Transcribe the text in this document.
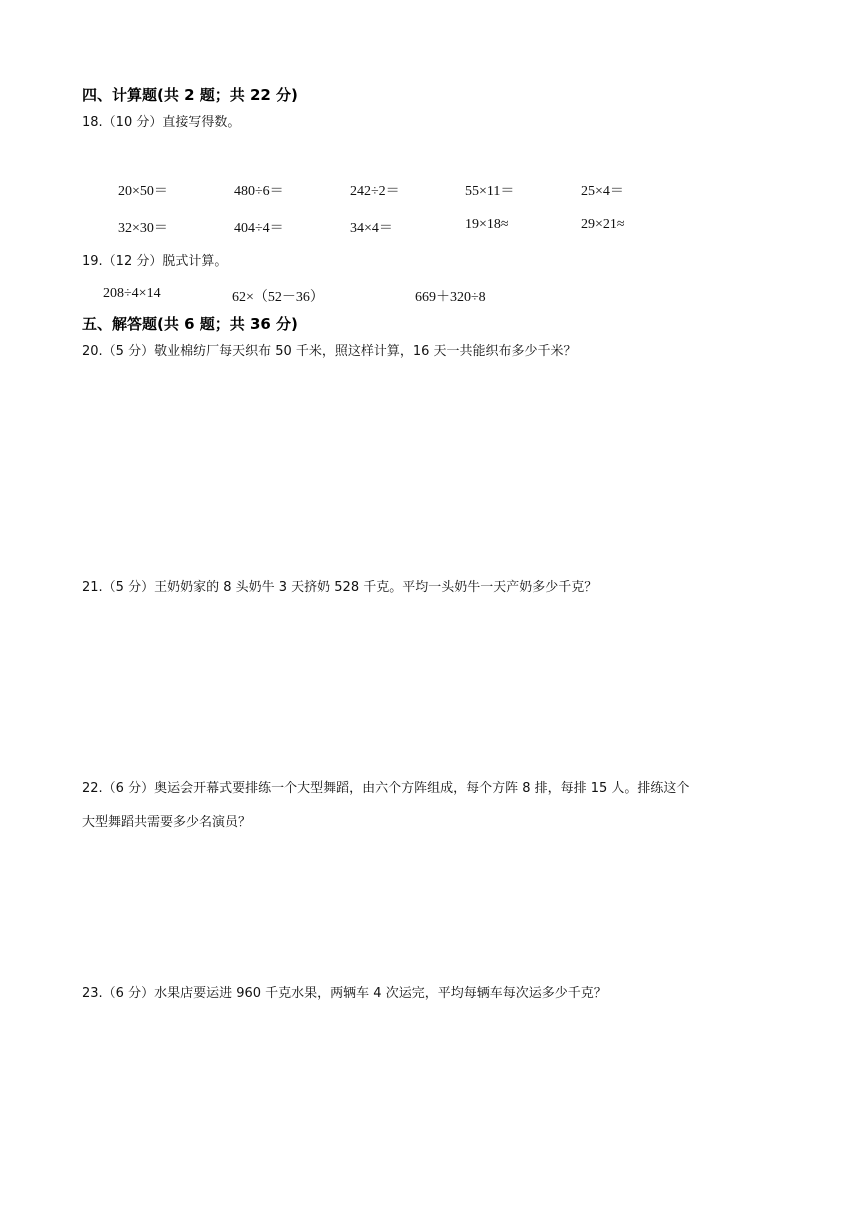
四、计算题(共 2 题；共 22 分)
18.（10 分）直接写得数。
20×50＝	480÷6＝	242÷2＝	55×11＝	25×4＝
32×30＝	404÷4＝	34×4＝	19×18≈	29×21≈
19.（12 分）脱式计算。
208÷4×14	62×（52－36）	669＋320÷8
五、解答题(共 6 题；共 36 分)
20.（5 分）敬业棉纺厂每天织布 50 千米，照这样计算，16 天一共能织布多少千米？
21.（5 分）王奶奶家的 8 头奶牛 3 天挤奶 528 千克。平均一头奶牛一天产奶多少千克？
22.（6 分）奥运会开幕式要排练一个大型舞蹈，由六个方阵组成，每个方阵 8 排，每排 15 人。排练这个
大型舞蹈共需要多少名演员？
23.（6 分）水果店要运进 960 千克水果，两辆车 4 次运完，平均每辆车每次运多少千克？
